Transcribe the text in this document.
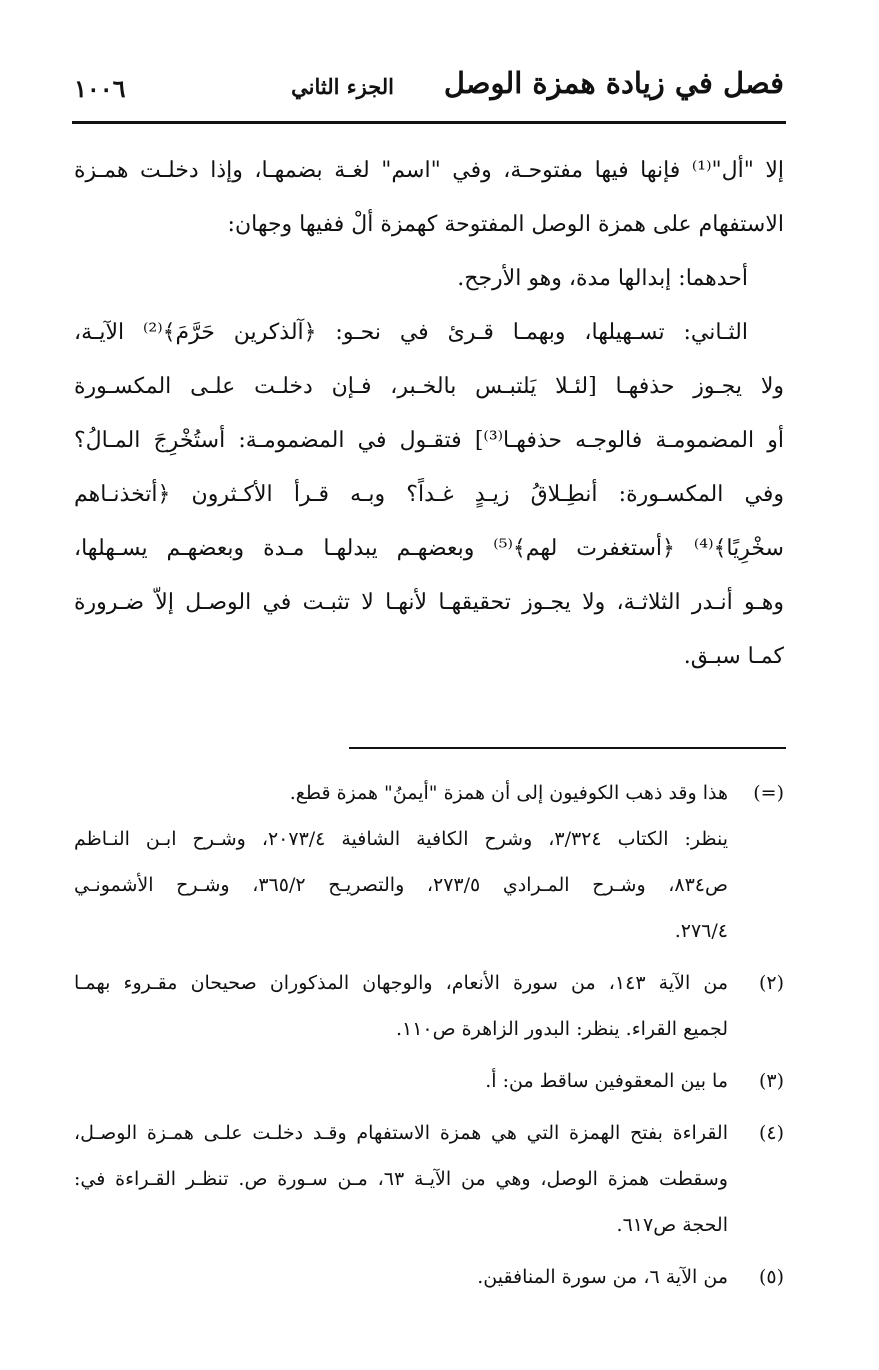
فصل في زيادة همزة الوصل
الجزء الثاني
١٠٠٦
إلا "أل"⁽¹⁾ فإنها فيها مفتوحـة، وفي "اسم" لغـة بضمهـا، وإذا دخلـت همـزة
الاستفهام على همزة الوصل المفتوحة كهمزة ألْ ففيها وجهان:
أحدهما: إبدالها مدة، وهو الأرجح.
الثـاني: تسـهيلها، وبهمـا قـرئ في نحـو: ﴿آلذكرين حَرَّمَ﴾⁽²⁾ الآيـة،
ولا يجـوز حذفهـا [لئـلا يَلتبـس بالخـبر، فـإن دخلـت علـى المكسـورة
أو المضمومـة فالوجـه حذفهـا⁽³⁾] فتقـول في المضمومـة: أستُخْرِجَ المـالُ؟
وفي المكسـورة: أنطِـلاقُ زيـدٍ غـداً؟ وبـه قـرأ الأكـثرون ﴿أتخذنـاهم
سخْرِيًا﴾⁽⁴⁾ ﴿أستغفرت لهم﴾⁽⁵⁾ وبعضهـم يبدلهـا مـدة وبعضهـم يسـهلها،
وهـو أنـدر الثلاثـة، ولا يجـوز تحقيقهـا لأنهـا لا تثبـت في الوصـل إلاّ ضـرورة
كمـا سبـق.
(=)
هذا وقد ذهب الكوفيون إلى أن همزة "أيمنُ" همزة قطع.
ينظر: الكتاب ٣/٣٢٤، وشرح الكافية الشافية ٢٠٧٣/٤، وشـرح ابـن النـاظم
ص٨٣٤، وشـرح المـرادي ٢٧٣/٥، والتصريـح ٣٦٥/٢، وشـرح الأشمونـي
٢٧٦/٤.
(٢)
من الآية ١٤٣، من سورة الأنعام، والوجهان المذكوران صحيحان مقـروء بهمـا
لجميع القراء. ينظر: البدور الزاهرة ص١١٠.
(٣)
ما بين المعقوفين ساقط من: أ.
(٤)
القراءة بفتح الهمزة التي هي همزة الاستفهام وقـد دخلـت علـى همـزة الوصـل،
وسقطت همزة الوصل، وهي من الآيـة ٦٣، مـن سـورة ص. تنظـر القـراءة في:
الحجة ص٦١٧.
(٥)
من الآية ٦، من سورة المنافقين.
